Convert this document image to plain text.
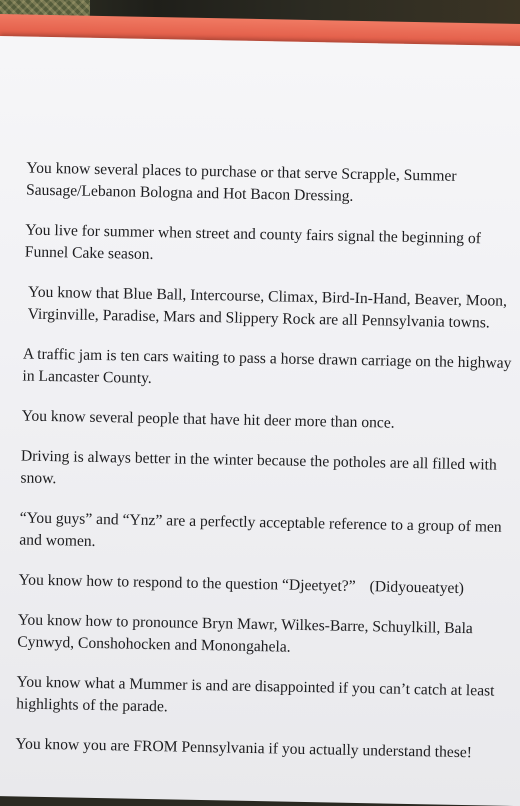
You know several places to purchase or that serve Scrapple, Summer Sausage/Lebanon Bologna and Hot Bacon Dressing.

You live for summer when street and county fairs signal the beginning of Funnel Cake season.

You know that Blue Ball, Intercourse, Climax, Bird-In-Hand, Beaver, Moon, Virginville, Paradise, Mars and Slippery Rock are all Pennsylvania towns.

A traffic jam is ten cars waiting to pass a horse drawn carriage on the highway in Lancaster County.

You know several people that have hit deer more than once.

Driving is always better in the winter because the potholes are all filled with snow.

“You guys” and “Ynz” are a perfectly acceptable reference to a group of men and women.

You know how to respond to the question “Djeetyet?” (Didyoueatyet)

You know how to pronounce Bryn Mawr, Wilkes-Barre, Schuylkill, Bala Cynwyd, Conshohocken and Monongahela.

You know what a Mummer is and are disappointed if you can’t catch at least highlights of the parade.

You know you are FROM Pennsylvania if you actually understand these!
